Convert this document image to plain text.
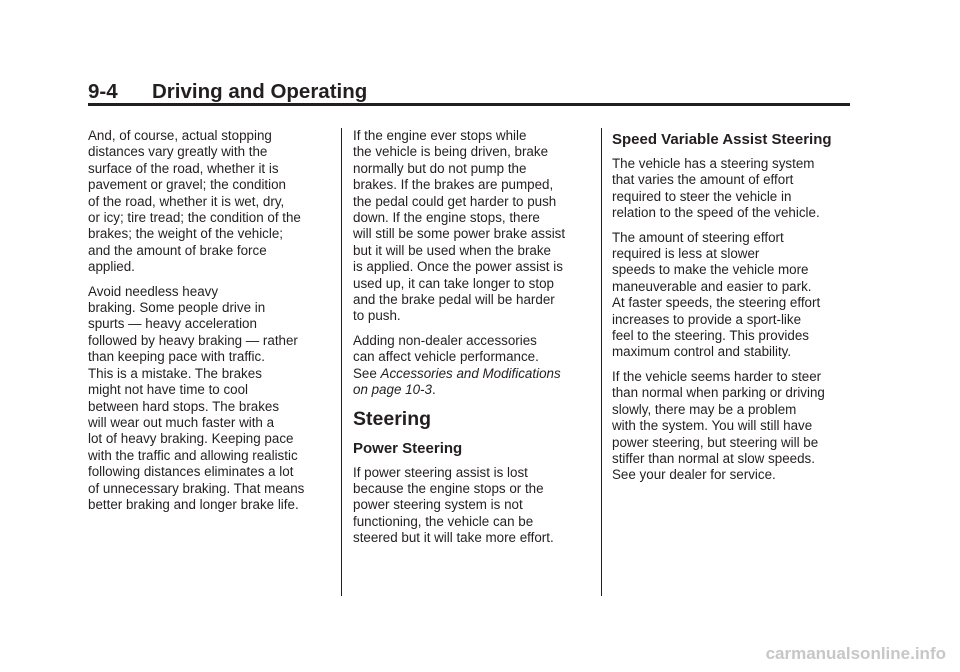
9-4 Driving and Operating

And, of course, actual stopping
distances vary greatly with the
surface of the road, whether it is
pavement or gravel; the condition
of the road, whether it is wet, dry,
or icy; tire tread; the condition of the
brakes; the weight of the vehicle;
and the amount of brake force
applied.

Avoid needless heavy
braking. Some people drive in
spurts — heavy acceleration
followed by heavy braking — rather
than keeping pace with traffic.
This is a mistake. The brakes
might not have time to cool
between hard stops. The brakes
will wear out much faster with a
lot of heavy braking. Keeping pace
with the traffic and allowing realistic
following distances eliminates a lot
of unnecessary braking. That means
better braking and longer brake life.

If the engine ever stops while
the vehicle is being driven, brake
normally but do not pump the
brakes. If the brakes are pumped,
the pedal could get harder to push
down. If the engine stops, there
will still be some power brake assist
but it will be used when the brake
is applied. Once the power assist is
used up, it can take longer to stop
and the brake pedal will be harder
to push.

Adding non-dealer accessories
can affect vehicle performance.
See Accessories and Modifications
on page 10-3.

Steering
Power Steering

If power steering assist is lost
because the engine stops or the
power steering system is not
functioning, the vehicle can be
steered but it will take more effort.

Speed Variable Assist Steering

The vehicle has a steering system
that varies the amount of effort
required to steer the vehicle in
relation to the speed of the vehicle.

The amount of steering effort
required is less at slower
speeds to make the vehicle more
maneuverable and easier to park.
At faster speeds, the steering effort
increases to provide a sport-like
feel to the steering. This provides
maximum control and stability.

If the vehicle seems harder to steer
than normal when parking or driving
slowly, there may be a problem
with the system. You will still have
power steering, but steering will be
stiffer than normal at slow speeds.
See your dealer for service.

carmanualsonline.info
